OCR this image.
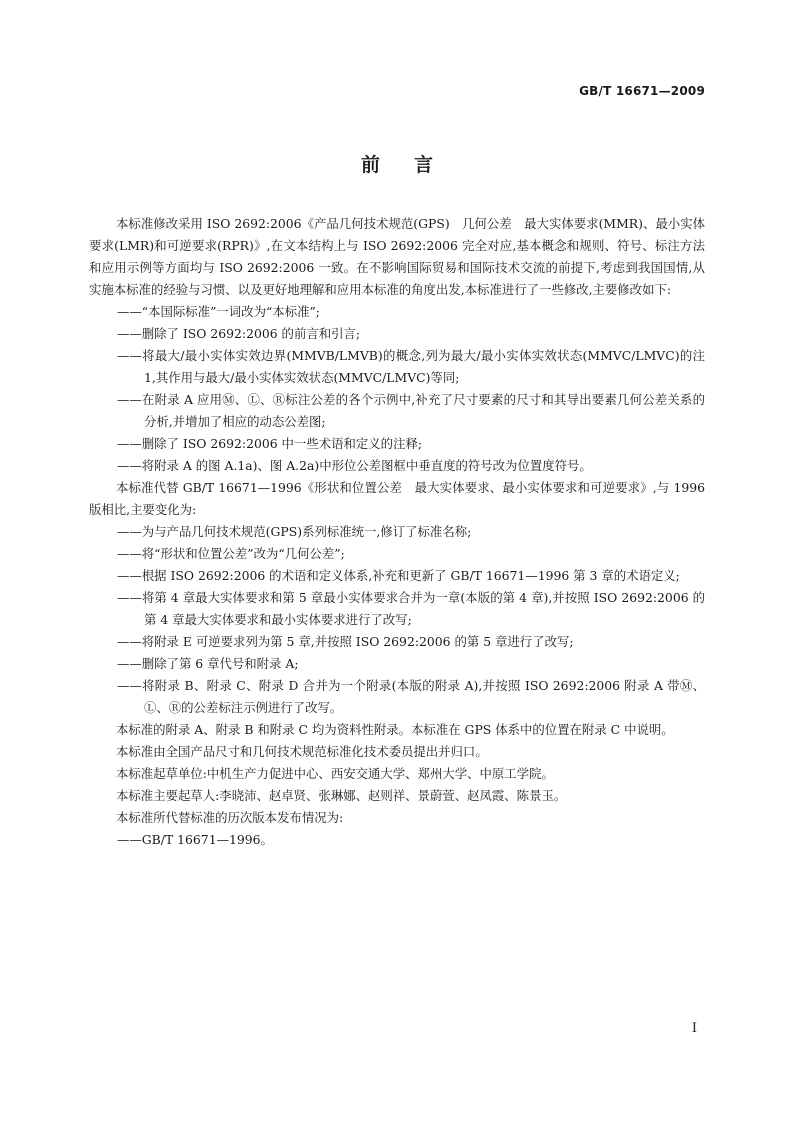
GB/T 16671—2009
前言

本标准修改采用 ISO 2692:2006《产品几何技术规范(GPS)　几何公差　最大实体要求(MMR)、最小实体要求(LMR)和可逆要求(RPR)》,在文本结构上与 ISO 2692:2006 完全对应,基本概念和规则、符号、标注方法和应用示例等方面均与 ISO 2692:2006 一致。在不影响国际贸易和国际技术交流的前提下,考虑到我国国情,从实施本标准的经验与习惯、以及更好地理解和应用本标准的角度出发,本标准进行了一些修改,主要修改如下:

——“本国际标准”一词改为“本标准”;

——删除了 ISO 2692:2006 的前言和引言;

——将最大/最小实体实效边界(MMVB/LMVB)的概念,列为最大/最小实体实效状态(MMVC/LMVC)的注 1,其作用与最大/最小实体实效状态(MMVC/LMVC)等同;

——在附录 A 应用Ⓜ、Ⓛ、Ⓡ标注公差的各个示例中,补充了尺寸要素的尺寸和其导出要素几何公差关系的分析,并增加了相应的动态公差图;

——删除了 ISO 2692:2006 中一些术语和定义的注释;

——将附录 A 的图 A.1a)、图 A.2a)中形位公差图框中垂直度的符号改为位置度符号。

本标准代替 GB/T 16671—1996《形状和位置公差　最大实体要求、最小实体要求和可逆要求》,与 1996 版相比,主要变化为:

——为与产品几何技术规范(GPS)系列标准统一,修订了标准名称;

——将“形状和位置公差”改为“几何公差”;

——根据 ISO 2692:2006 的术语和定义体系,补充和更新了 GB/T 16671—1996 第 3 章的术语定义;

——将第 4 章最大实体要求和第 5 章最小实体要求合并为一章(本版的第 4 章),并按照 ISO 2692:2006 的第 4 章最大实体要求和最小实体要求进行了改写;

——将附录 E 可逆要求列为第 5 章,并按照 ISO 2692:2006 的第 5 章进行了改写;

——删除了第 6 章代号和附录 A;

——将附录 B、附录 C、附录 D 合并为一个附录(本版的附录 A),并按照 ISO 2692:2006 附录 A 带Ⓜ、Ⓛ、Ⓡ的公差标注示例进行了改写。

本标准的附录 A、附录 B 和附录 C 均为资料性附录。本标准在 GPS 体系中的位置在附录 C 中说明。

本标准由全国产品尺寸和几何技术规范标准化技术委员提出并归口。

本标准起草单位:中机生产力促进中心、西安交通大学、郑州大学、中原工学院。

本标准主要起草人:李晓沛、赵卓贤、张琳娜、赵则祥、景蔚萱、赵凤霞、陈景玉。

本标准所代替标准的历次版本发布情况为:

——GB/T 16671—1996。

I
